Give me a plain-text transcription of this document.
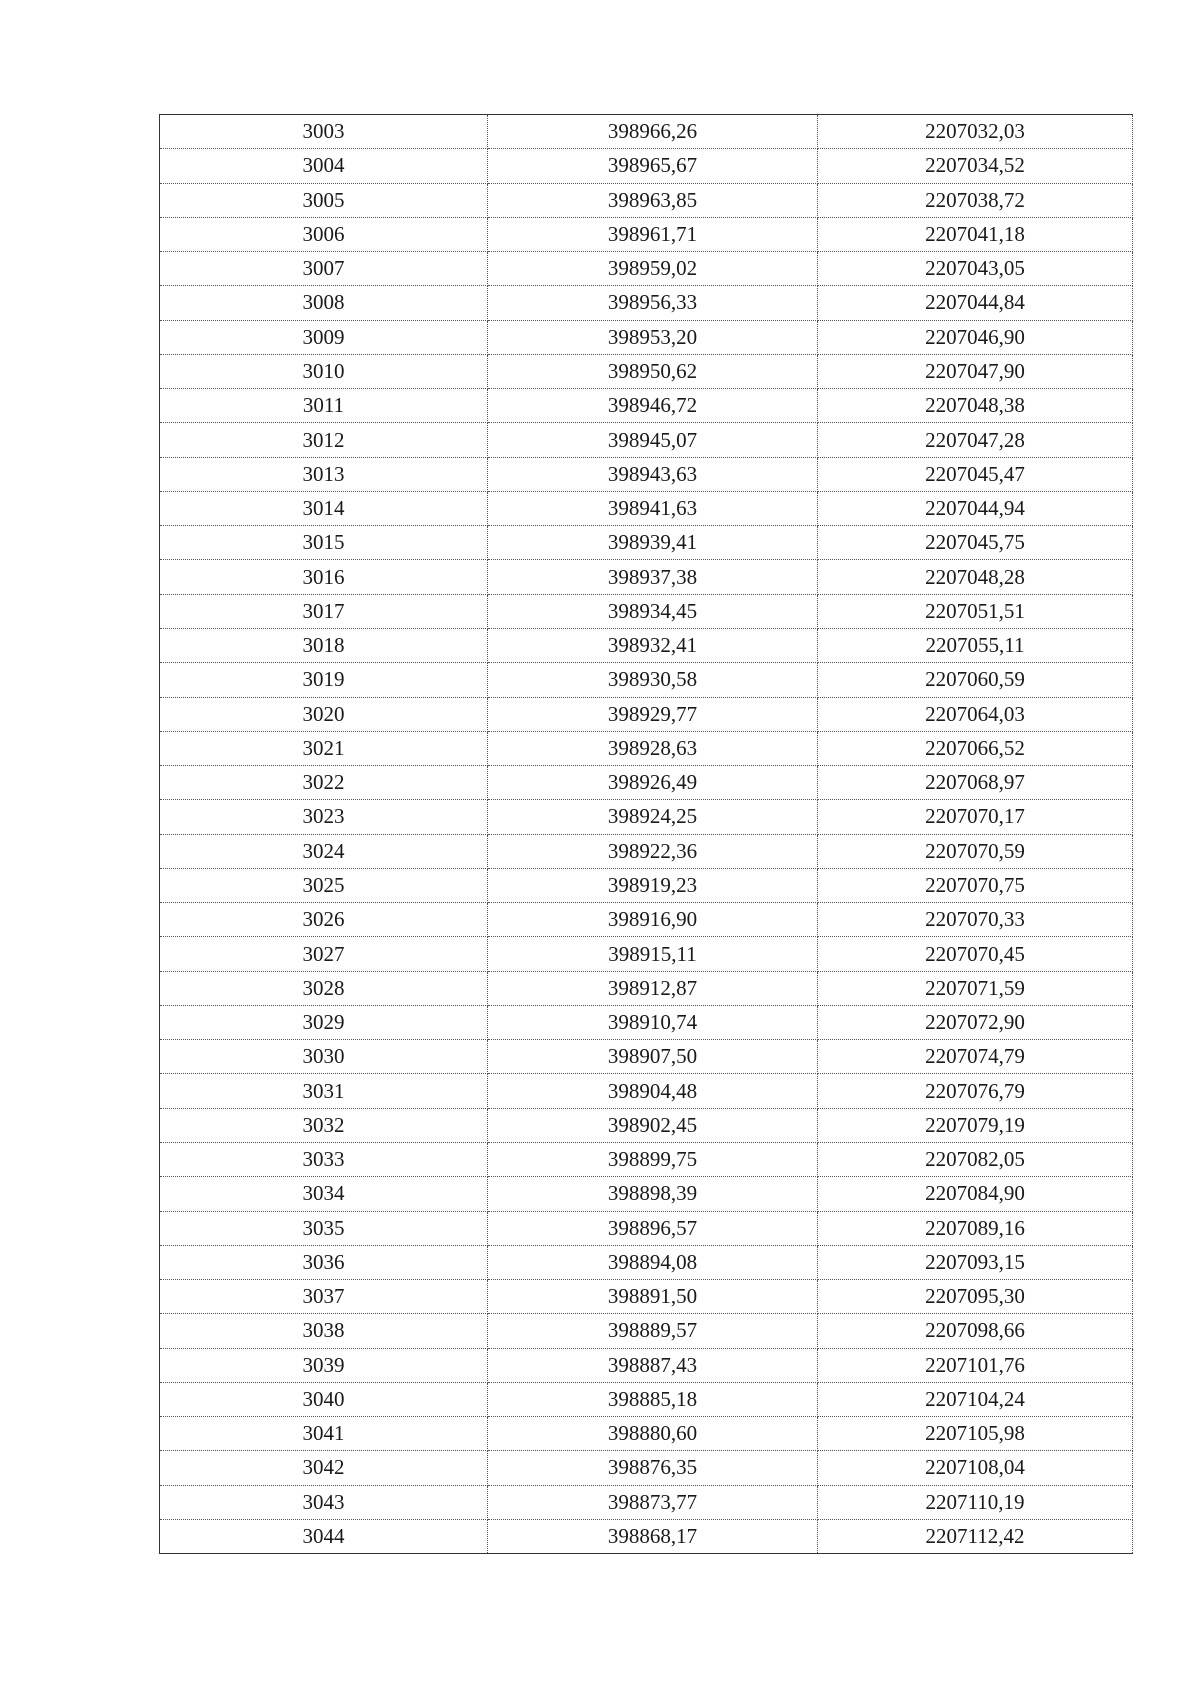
3003	398966,26	2207032,03
3004	398965,67	2207034,52
3005	398963,85	2207038,72
3006	398961,71	2207041,18
3007	398959,02	2207043,05
3008	398956,33	2207044,84
3009	398953,20	2207046,90
3010	398950,62	2207047,90
3011	398946,72	2207048,38
3012	398945,07	2207047,28
3013	398943,63	2207045,47
3014	398941,63	2207044,94
3015	398939,41	2207045,75
3016	398937,38	2207048,28
3017	398934,45	2207051,51
3018	398932,41	2207055,11
3019	398930,58	2207060,59
3020	398929,77	2207064,03
3021	398928,63	2207066,52
3022	398926,49	2207068,97
3023	398924,25	2207070,17
3024	398922,36	2207070,59
3025	398919,23	2207070,75
3026	398916,90	2207070,33
3027	398915,11	2207070,45
3028	398912,87	2207071,59
3029	398910,74	2207072,90
3030	398907,50	2207074,79
3031	398904,48	2207076,79
3032	398902,45	2207079,19
3033	398899,75	2207082,05
3034	398898,39	2207084,90
3035	398896,57	2207089,16
3036	398894,08	2207093,15
3037	398891,50	2207095,30
3038	398889,57	2207098,66
3039	398887,43	2207101,76
3040	398885,18	2207104,24
3041	398880,60	2207105,98
3042	398876,35	2207108,04
3043	398873,77	2207110,19
3044	398868,17	2207112,42
